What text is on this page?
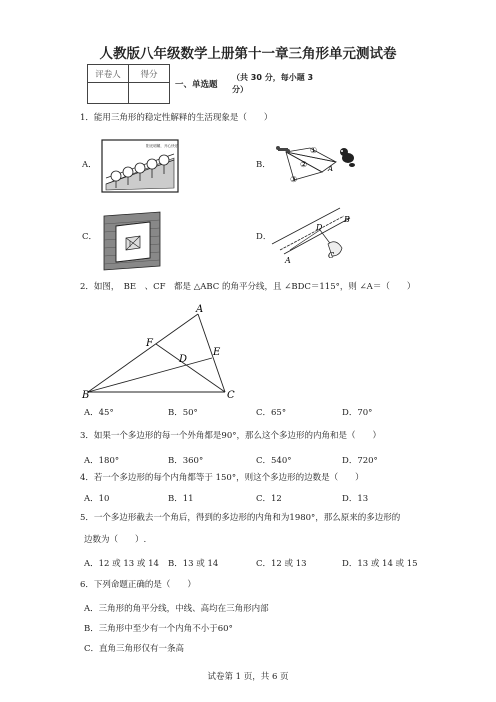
人教版八年级数学上册第十一章三角形单元测试卷
评卷人	得分

一、单选题
（共 30 分，每小题 3
分）
1．能用三角形的稳定性解释的生活现象是（　　）
A．	B．
C．	D．
阳光明媚，开心快乐	①
②
③
A
A
B
C
D
2．如图，　BE　、CF　都是 △ABC 的角平分线，且 ∠BDC＝115°，则 ∠A＝（　　）
A
B	C
D
E
F
A．45°	B．50°	C．65°	D．70°
3．如果一个多边形的每一个外角都是90°，那么这个多边形的内角和是（　　）
A．180°	B．360°	C．540°	D．720°
4．若一个多边形的每个内角都等于 150°，则这个多边形的边数是（　　）
A．10	B．11	C．12	D．13
5．一个多边形截去一个角后，得到的多边形的内角和为1980°，那么原来的多边形的
边数为（　　）.
A．12 或 13 或 14 B．13 或 14	C．12 或 13	D．13 或 14 或 15
6．下列命题正确的是（　　）
A．三角形的角平分线，中线、高均在三角形内部
B．三角形中至少有一个内角不小于60°
C．直角三角形仅有一条高
试卷第 1 页，共 6 页
